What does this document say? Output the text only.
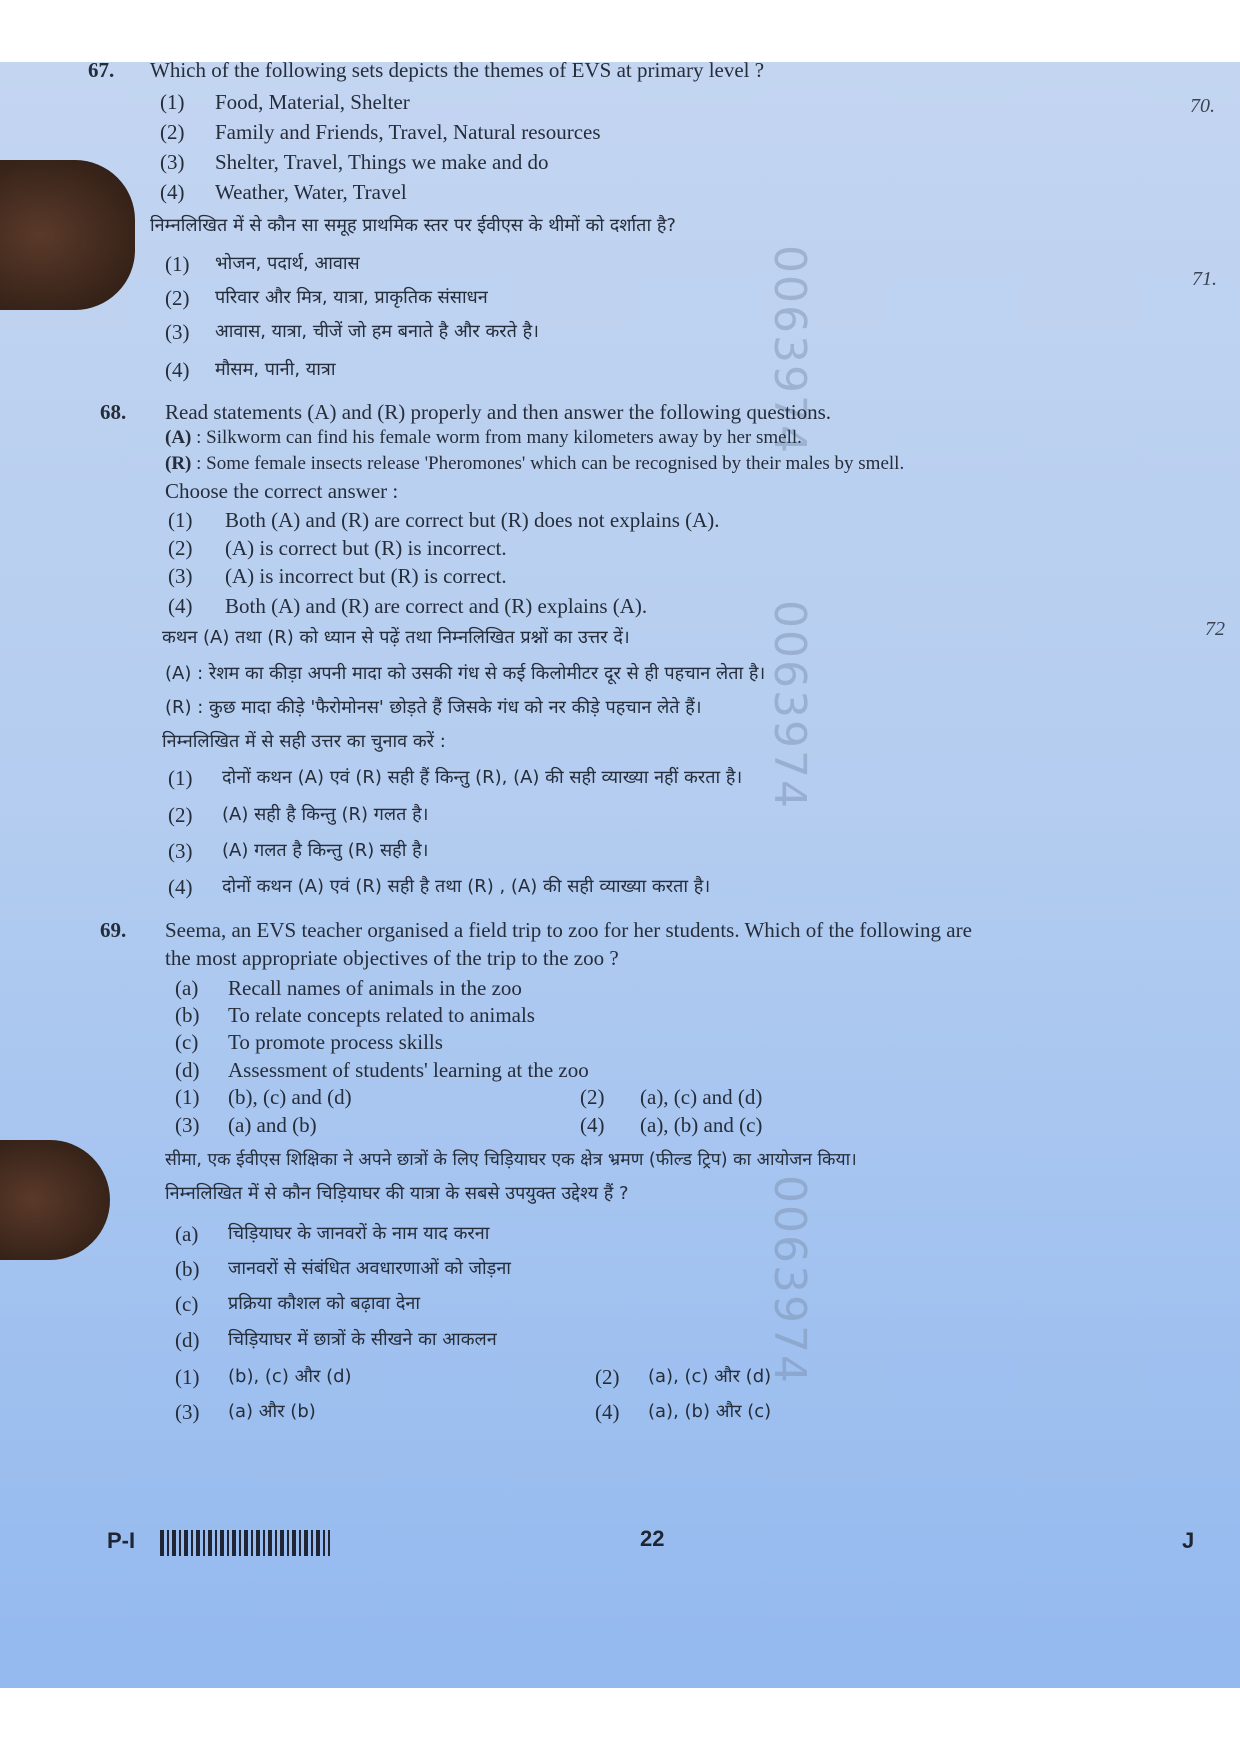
0063974
0063974
0063974
70.
71.
72
67. Which of the following sets depicts the themes of EVS at primary level ?
(1) Food, Material, Shelter
(2) Family and Friends, Travel, Natural resources
(3) Shelter, Travel, Things we make and do
(4) Weather, Water, Travel
निम्नलिखित में से कौन सा समूह प्राथमिक स्तर पर ईवीएस के थीमों को दर्शाता है?
(1) भोजन, पदार्थ, आवास
(2) परिवार और मित्र, यात्रा, प्राकृतिक संसाधन
(3) आवास, यात्रा, चीजें जो हम बनाते है और करते है।
(4) मौसम, पानी, यात्रा
68. Read statements (A) and (R) properly and then answer the following questions.
(A) : Silkworm can find his female worm from many kilometers away by her smell.
(R) : Some female insects release 'Pheromones' which can be recognised by their males by smell.
Choose the correct answer :
(1) Both (A) and (R) are correct but (R) does not explains (A).
(2) (A) is correct but (R) is incorrect.
(3) (A) is incorrect but (R) is correct.
(4) Both (A) and (R) are correct and (R) explains (A).
कथन (A) तथा (R) को ध्यान से पढ़ें तथा निम्नलिखित प्रश्नों का उत्तर दें।
(A) : रेशम का कीड़ा अपनी मादा को उसकी गंध से कई किलोमीटर दूर से ही पहचान लेता है।
(R) : कुछ मादा कीड़े 'फैरोमोनस' छोड़ते हैं जिसके गंध को नर कीड़े पहचान लेते हैं।
निम्नलिखित में से सही उत्तर का चुनाव करें :
(1) दोनों कथन (A) एवं (R) सही हैं किन्तु (R), (A) की सही व्याख्या नहीं करता है।
(2) (A) सही है किन्तु (R) गलत है।
(3) (A) गलत है किन्तु (R) सही है।
(4) दोनों कथन (A) एवं (R) सही है तथा (R) , (A) की सही व्याख्या करता है।
69. Seema, an EVS teacher organised a field trip to zoo for her students. Which of the following are
the most appropriate objectives of the trip to the zoo ?
(a) Recall names of animals in the zoo
(b) To relate concepts related to animals
(c) To promote process skills
(d) Assessment of students' learning at the zoo
(1) (b), (c) and (d)	(2) (a), (c) and (d)
(3) (a) and (b)	(4) (a), (b) and (c)
सीमा, एक ईवीएस शिक्षिका ने अपने छात्रों के लिए चिड़ियाघर एक क्षेत्र भ्रमण (फील्ड ट्रिप) का आयोजन किया।
निम्नलिखित में से कौन चिड़ियाघर की यात्रा के सबसे उपयुक्त उद्देश्य हैं ?
(a) चिड़ियाघर के जानवरों के नाम याद करना
(b) जानवरों से संबंधित अवधारणाओं को जोड़ना
(c) प्रक्रिया कौशल को बढ़ावा देना
(d) चिड़ियाघर में छात्रों के सीखने का आकलन
(1) (b), (c) और (d)	(2) (a), (c) और (d)
(3) (a) और (b)	(4) (a), (b) और (c)
P-I	22	J
